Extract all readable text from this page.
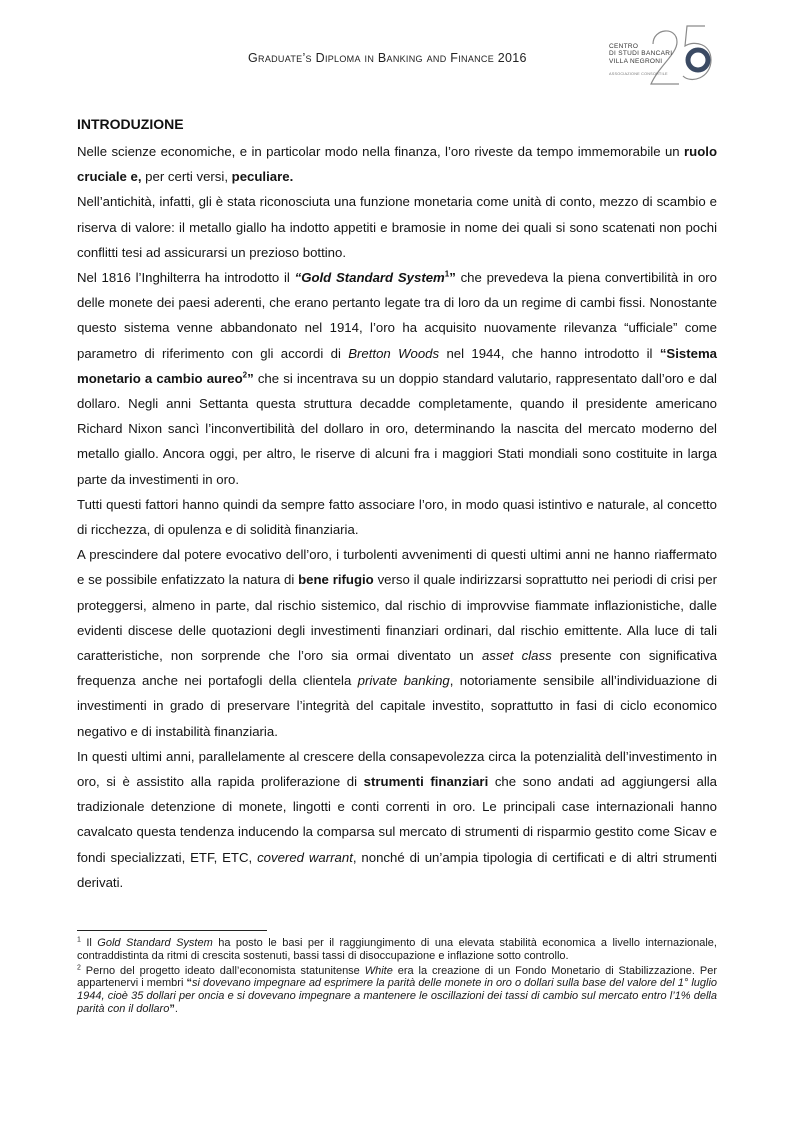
Graduate’s Diploma in Banking and Finance 2016
CENTRO
DI STUDI BANCARI
VILLA NEGRONI
ASSOCIAZIONE CONSORTILE
INTRODUZIONE

Nelle scienze economiche, e in particolar modo nella finanza, l’oro riveste da tempo immemorabile un ruolo cruciale e, per certi versi, peculiare.

Nell’antichità, infatti, gli è stata riconosciuta una funzione monetaria come unità di conto, mezzo di scambio e riserva di valore: il metallo giallo ha indotto appetiti e bramosie in nome dei quali si sono scatenati non pochi conflitti tesi ad assicurarsi un prezioso bottino.

Nel 1816 l’Inghilterra ha introdotto il “Gold Standard System$^1$” che prevedeva la piena convertibilità in oro delle monete dei paesi aderenti, che erano pertanto legate tra di loro da un regime di cambi fissi. Nonostante questo sistema venne abbandonato nel 1914, l’oro ha acquisito nuovamente rilevanza “ufficiale” come parametro di riferimento con gli accordi di Bretton Woods nel 1944, che hanno introdotto il “Sistema monetario a cambio aureo$^2$” che si incentrava su un doppio standard valutario, rappresentato dall’oro e dal dollaro. Negli anni Settanta questa struttura decadde completamente, quando il presidente americano Richard Nixon sancì l’inconvertibilità del dollaro in oro, determinando la nascita del mercato moderno del metallo giallo. Ancora oggi, per altro, le riserve di alcuni fra i maggiori Stati mondiali sono costituite in larga parte da investimenti in oro.

Tutti questi fattori hanno quindi da sempre fatto associare l’oro, in modo quasi istintivo e naturale, al concetto di ricchezza, di opulenza e di solidità finanziaria.

A prescindere dal potere evocativo dell’oro, i turbolenti avvenimenti di questi ultimi anni ne hanno riaffermato e se possibile enfatizzato la natura di bene rifugio verso il quale indirizzarsi soprattutto nei periodi di crisi per proteggersi, almeno in parte, dal rischio sistemico, dal rischio di improvvise fiammate inflazionistiche, dalle evidenti discese delle quotazioni degli investimenti finanziari ordinari, dal rischio emittente. Alla luce di tali caratteristiche, non sorprende che l’oro sia ormai diventato un asset class presente con significativa frequenza anche nei portafogli della clientela private banking, notoriamente sensibile all’individuazione di investimenti in grado di preservare l’integrità del capitale investito, soprattutto in fasi di ciclo economico negativo e di instabilità finanziaria.

In questi ultimi anni, parallelamente al crescere della consapevolezza circa la potenzialità dell’investimento in oro, si è assistito alla rapida proliferazione di strumenti finanziari che sono andati ad aggiungersi alla tradizionale detenzione di monete, lingotti e conti correnti in oro. Le principali case internazionali hanno cavalcato questa tendenza inducendo la comparsa sul mercato di strumenti di risparmio gestito come Sicav e fondi specializzati, ETF, ETC, covered warrant, nonché di un’ampia tipologia di certificati e di altri strumenti derivati.

$^1$ Il Gold Standard System ha posto le basi per il raggiungimento di una elevata stabilità economica a livello internazionale, contraddistinta da ritmi di crescita sostenuti, bassi tassi di disoccupazione e inflazione sotto controllo.

$^2$ Perno del progetto ideato dall’economista statunitense White era la creazione di un Fondo Monetario di Stabilizzazione. Per appartenervi i membri “si dovevano impegnare ad esprimere la parità delle monete in oro o dollari sulla base del valore del 1° luglio 1944, cioè 35 dollari per oncia e si dovevano impegnare a mantenere le oscillazioni dei tassi di cambio sul mercato entro l’1% della parità con il dollaro”.
